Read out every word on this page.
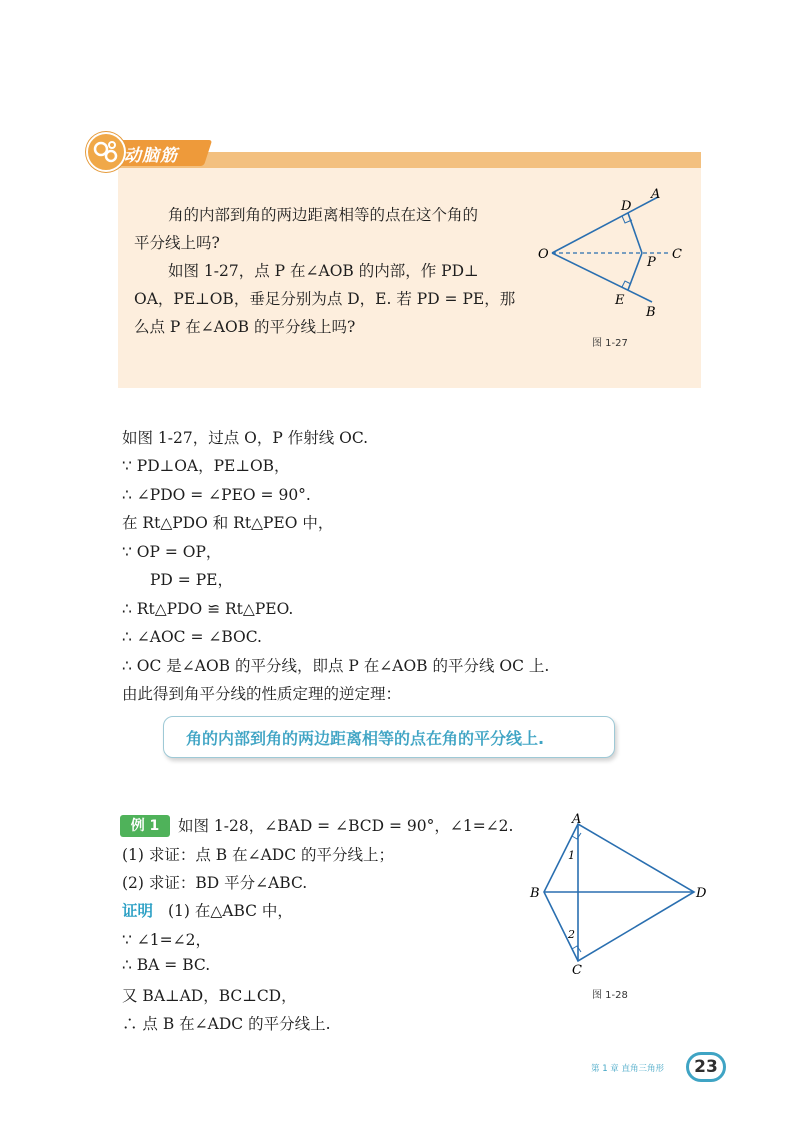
动脑筋
角的内部到角的两边距离相等的点在这个角的
平分线上吗?
如图 1-27，点 P 在∠AOB 的内部，作 PD⊥
OA，PE⊥OB，垂足分别为点 D，E. 若 PD = PE，那
么点 P 在∠AOB 的平分线上吗?
A
D
O
P
C
E
B
图 1-27
如图 1-27，过点 O，P 作射线 OC.
∵ PD⊥OA，PE⊥OB，
∴ ∠PDO = ∠PEO = 90°.
在 Rt△PDO 和 Rt△PEO 中，
∵ OP = OP，
PD = PE，
∴ Rt△PDO ≌ Rt△PEO.
∴ ∠AOC = ∠BOC.
∴ OC 是∠AOB 的平分线，即点 P 在∠AOB 的平分线 OC 上.
由此得到角平分线的性质定理的逆定理：
角的内部到角的两边距离相等的点在角的平分线上.
例 1	如图 1-28，∠BAD = ∠BCD = 90°，∠1=∠2.
(1) 求证：点 B 在∠ADC 的平分线上；
(2) 求证：BD 平分∠ABC.
证明 (1) 在△ABC 中，
∵ ∠1=∠2，
∴ BA = BC.
又 BA⊥AD，BC⊥CD，
∴ 点 B 在∠ADC 的平分线上.
A
B
C
D
1
2
图 1-28
第 1 章 直角三角形	23
